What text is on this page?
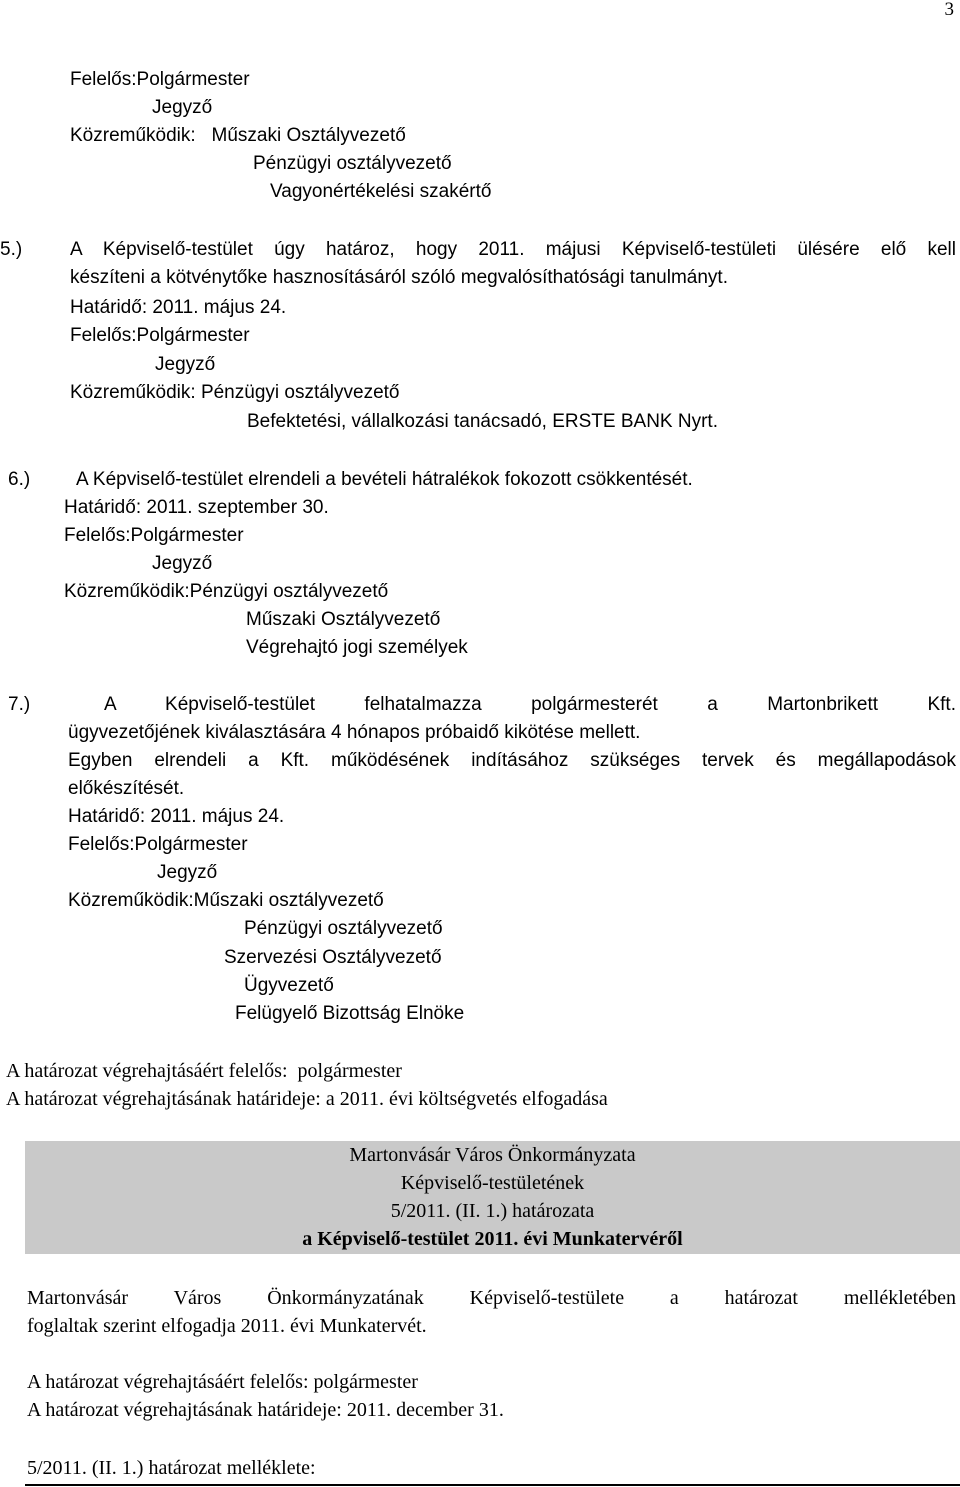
3
Felelős:Polgármester
Jegyző
Közreműködik:   Műszaki Osztályvezető
Pénzügyi osztályvezető
Vagyonértékelési szakértő
5.)	A Képviselő-testület úgy határoz, hogy 2011. májusi Képviselő-testületi ülésére elő kell
készíteni a kötvénytőke hasznosításáról szóló megvalósíthatósági tanulmányt.
Határidő: 2011. május 24.
Felelős:Polgármester
Jegyző
Közreműködik: Pénzügyi osztályvezető
Befektetési, vállalkozási tanácsadó, ERSTE BANK Nyrt.
6.) A Képviselő-testület elrendeli a bevételi hátralékok fokozott csökkentését.
Határidő: 2011. szeptember 30.
Felelős:Polgármester
Jegyző
Közreműködik:Pénzügyi osztályvezető
Műszaki Osztályvezető
Végrehajtó jogi személyek
7.)	A Képviselő-testület felhatalmazza polgármesterét a Martonbrikett Kft.
ügyvezetőjének kiválasztására 4 hónapos próbaidő kikötése mellett.
Egyben elrendeli a Kft. működésének indításához szükséges tervek és megállapodások
előkészítését.
Határidő: 2011. május 24.
Felelős:Polgármester
Jegyző
Közreműködik:Műszaki osztályvezető
Pénzügyi osztályvezető
Szervezési Osztályvezető
Ügyvezető
Felügyelő Bizottság Elnöke
A határozat végrehajtásáért felelős:  polgármester
A határozat végrehajtásának határideje: a 2011. évi költségvetés elfogadása
Martonvásár Város Önkormányzata
Képviselő-testületének
5/2011. (II. 1.) határozata
a Képviselő-testület 2011. évi Munkatervéről
Martonvásár Város Önkormányzatának Képviselő-testülete a határozat mellékletében
foglaltak szerint elfogadja 2011. évi Munkatervét.
A határozat végrehajtásáért felelős: polgármester
A határozat végrehajtásának határideje: 2011. december 31.
5/2011. (II. 1.) határozat melléklete:
